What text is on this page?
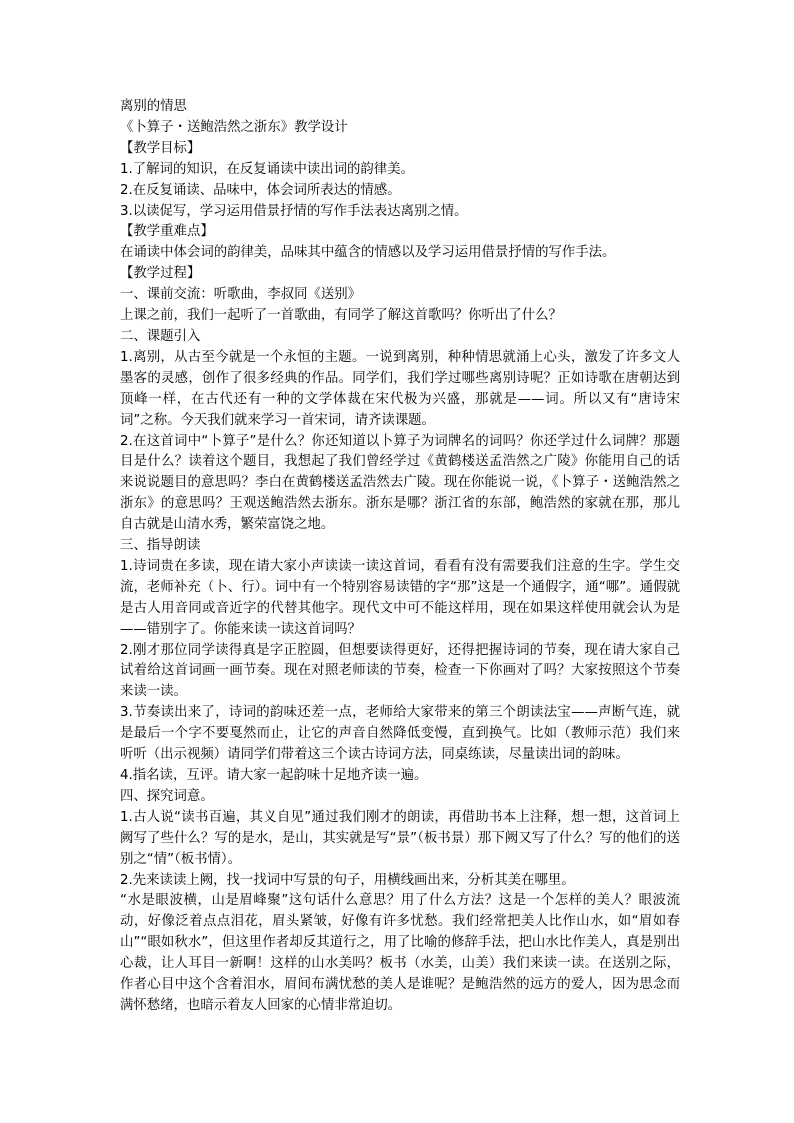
离别的情思

《卜算子・送鲍浩然之浙东》教学设计

【教学目标】

1.了解词的知识，在反复诵读中读出词的韵律美。

2.在反复诵读、品味中，体会词所表达的情感。

3.以读促写，学习运用借景抒情的写作手法表达离别之情。

【教学重难点】

在诵读中体会词的韵律美，品味其中蕴含的情感以及学习运用借景抒情的写作手法。

【教学过程】

一、课前交流：听歌曲，李叔同《送别》

上课之前，我们一起听了一首歌曲，有同学了解这首歌吗？你听出了什么？

二、课题引入

1.离别，从古至今就是一个永恒的主题。一说到离别，种种情思就涌上心头，激发了许多文人墨客的灵感，创作了很多经典的作品。同学们，我们学过哪些离别诗呢？正如诗歌在唐朝达到顶峰一样，在古代还有一种的文学体裁在宋代极为兴盛，那就是——词。所以又有“唐诗宋词”之称。今天我们就来学习一首宋词，请齐读课题。

2.在这首词中“卜算子”是什么？你还知道以卜算子为词牌名的词吗？你还学过什么词牌？那题目是什么？读着这个题目，我想起了我们曾经学过《黄鹤楼送孟浩然之广陵》你能用自己的话来说说题目的意思吗？李白在黄鹤楼送孟浩然去广陵。现在你能说一说，《卜算子・送鲍浩然之浙东》的意思吗？王观送鲍浩然去浙东。浙东是哪？浙江省的东部，鲍浩然的家就在那，那儿自古就是山清水秀，繁荣富饶之地。

三、指导朗读

1.诗词贵在多读，现在请大家小声读读一读这首词，看看有没有需要我们注意的生字。学生交流，老师补充（卜、行）。词中有一个特别容易读错的字“那”这是一个通假字，通“哪”。通假就是古人用音同或音近字的代替其他字。现代文中可不能这样用，现在如果这样使用就会认为是——错别字了。你能来读一读这首词吗？

2.刚才那位同学读得真是字正腔圆，但想要读得更好，还得把握诗词的节奏，现在请大家自己试着给这首词画一画节奏。现在对照老师读的节奏，检查一下你画对了吗？大家按照这个节奏来读一读。

3.节奏读出来了，诗词的韵味还差一点，老师给大家带来的第三个朗读法宝——声断气连，就是最后一个字不要戛然而止，让它的声音自然降低变慢，直到换气。比如（教师示范）我们来听听（出示视频）请同学们带着这三个读古诗词方法，同桌练读，尽量读出词的韵味。

4.指名读，互评。请大家一起韵味十足地齐读一遍。

四、探究词意。

1.古人说“读书百遍，其义自见”通过我们刚才的朗读，再借助书本上注释，想一想，这首词上阙写了些什么？写的是水，是山，其实就是写“景”（板书景）那下阙又写了什么？写的他们的送别之“情”（板书情）。

2.先来读读上阙，找一找词中写景的句子，用横线画出来，分析其美在哪里。

“水是眼波横，山是眉峰聚”这句话什么意思？用了什么方法？这是一个怎样的美人？眼波流动，好像泛着点点泪花，眉头紧皱，好像有许多忧愁。我们经常把美人比作山水，如“眉如春山”“眼如秋水”，但这里作者却反其道行之，用了比喻的修辞手法，把山水比作美人，真是别出心裁，让人耳目一新啊！这样的山水美吗？板书（水美，山美）我们来读一读。在送别之际，作者心目中这个含着泪水，眉间布满忧愁的美人是谁呢？是鲍浩然的远方的爱人，因为思念而满怀愁绪，也暗示着友人回家的心情非常迫切。
